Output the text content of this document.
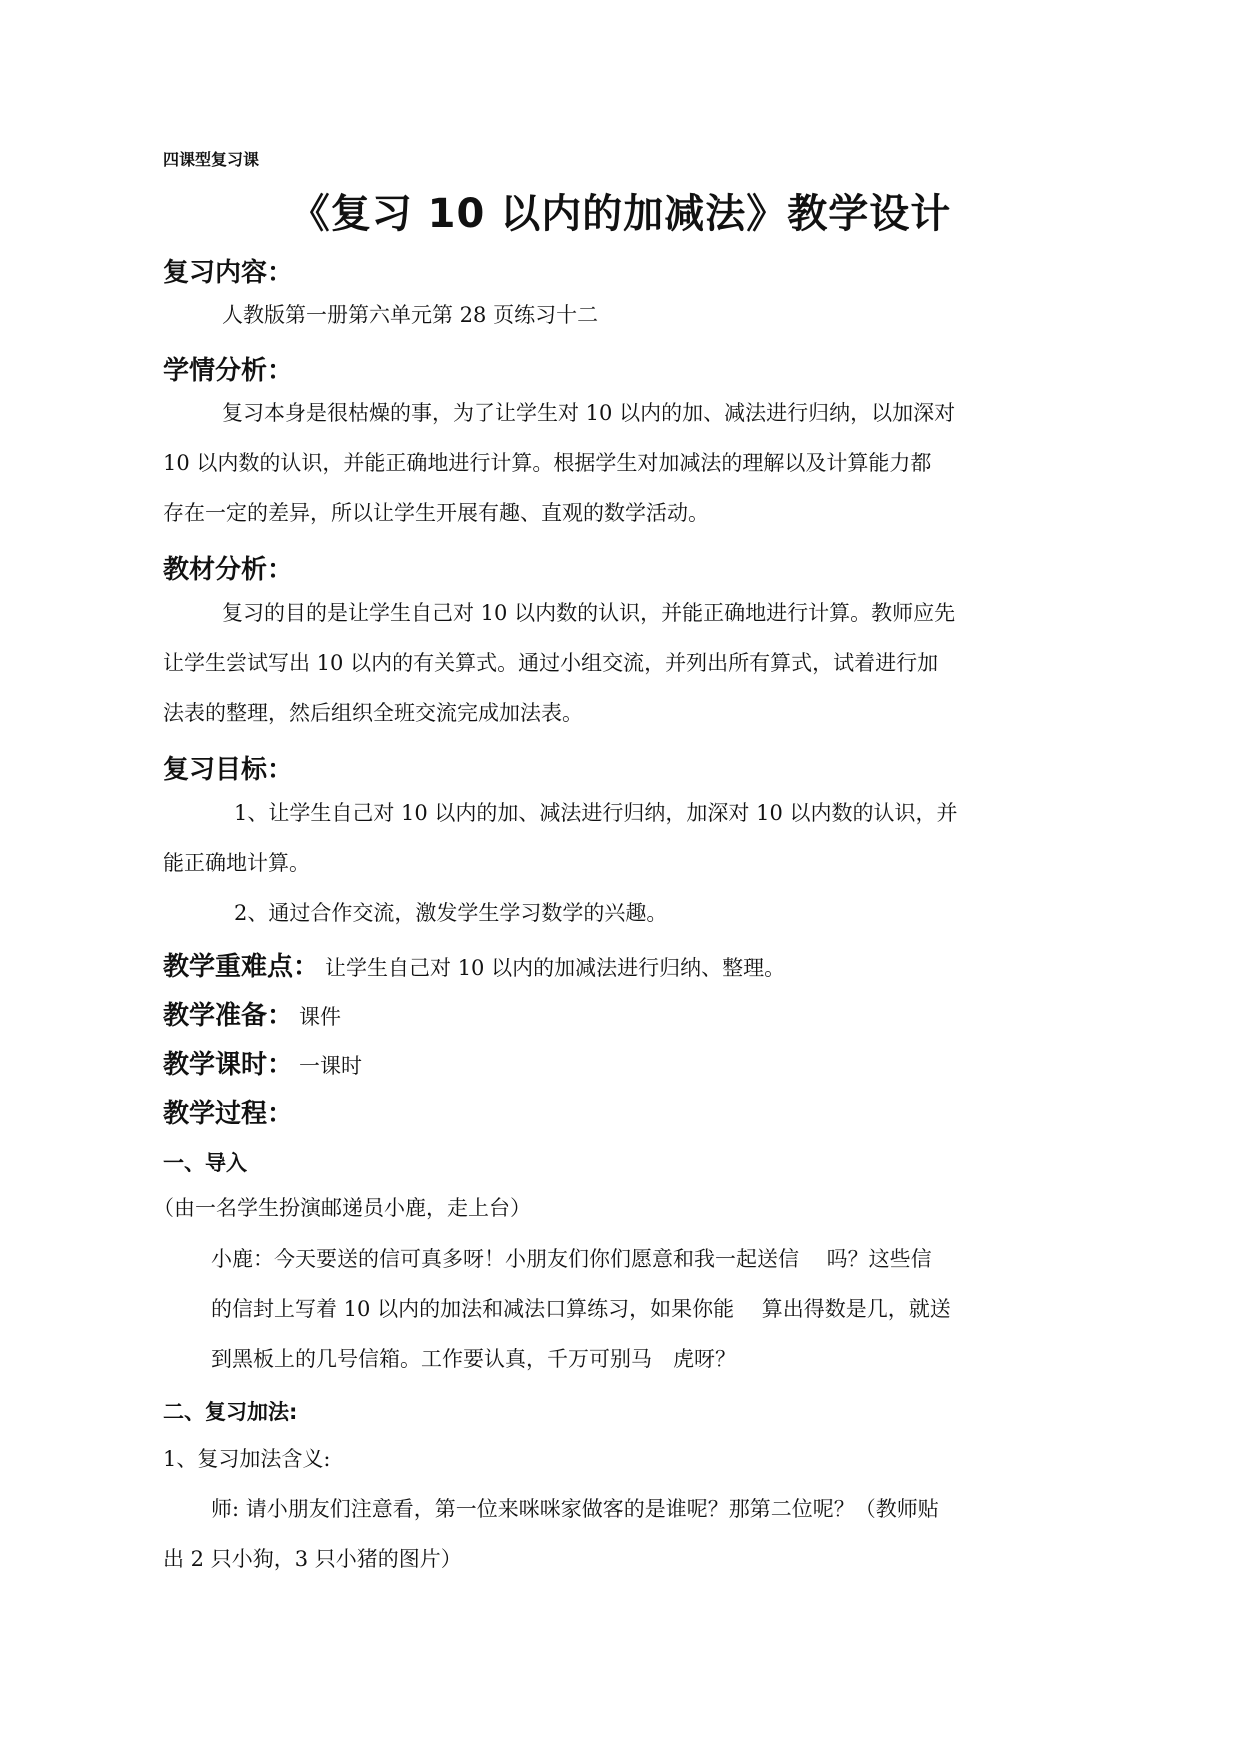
四课型复习课
《复习 10 以内的加减法》教学设计
复习内容：
人教版第一册第六单元第 28 页练习十二
学情分析：
复习本身是很枯燥的事，为了让学生对 10 以内的加、减法进行归纳，以加深对
10 以内数的认识，并能正确地进行计算。根据学生对加减法的理解以及计算能力都
存在一定的差异，所以让学生开展有趣、直观的数学活动。
教材分析：
复习的目的是让学生自己对 10 以内数的认识，并能正确地进行计算。教师应先
让学生尝试写出 10 以内的有关算式。通过小组交流，并列出所有算式，试着进行加
法表的整理，然后组织全班交流完成加法表。
复习目标：
1、让学生自己对 10 以内的加、减法进行归纳，加深对 10 以内数的认识，并
能正确地计算。
2、通过合作交流，激发学生学习数学的兴趣。
教学重难点： 让学生自己对 10 以内的加减法进行归纳、整理。
教学准备： 课件
教学课时： 一课时
教学过程：
一、导入
（由一名学生扮演邮递员小鹿，走上台）
小鹿：今天要送的信可真多呀！小朋友们你们愿意和我一起送信　 吗？这些信
的信封上写着 10 以内的加法和减法口算练习，如果你能　 算出得数是几，就送
到黑板上的几号信箱。工作要认真，千万可别马　虎呀？
二、复习加法:
1、复习加法含义:
师: 请小朋友们注意看，第一位来咪咪家做客的是谁呢？那第二位呢？（教师贴
出 2 只小狗，3 只小猪的图片）
